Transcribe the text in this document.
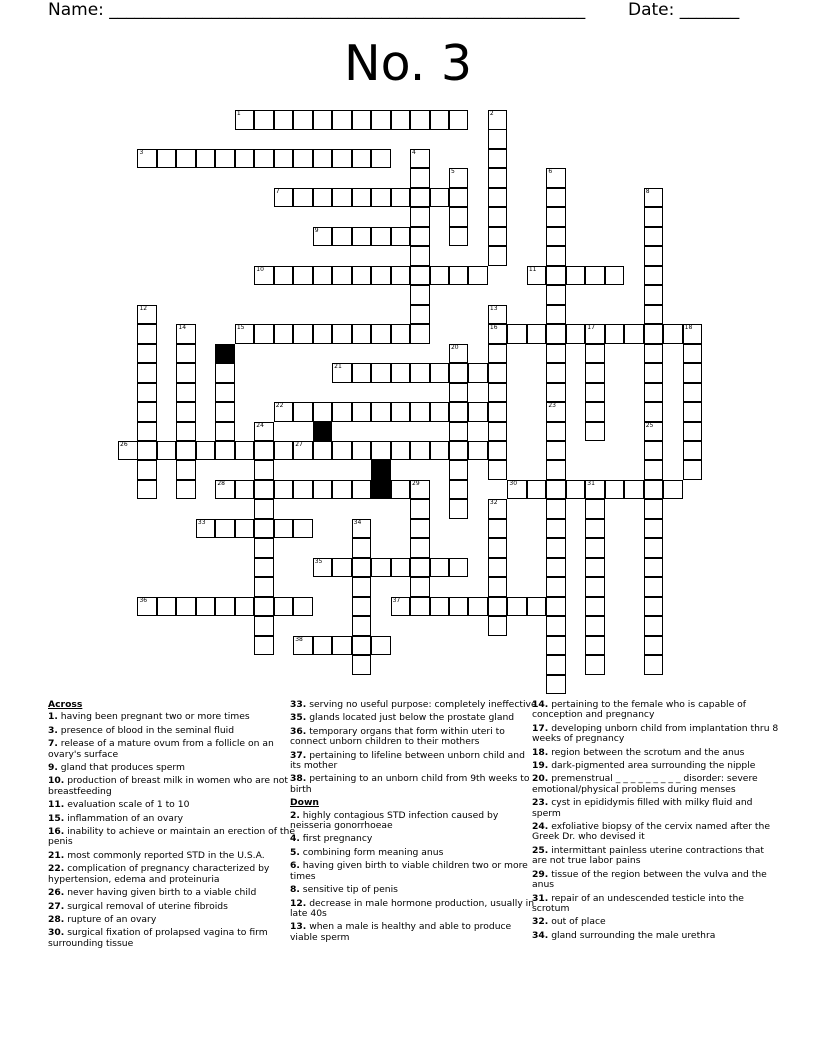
Name: ________________________________________________________	Date: _______
No. 3
1	2
3	4
5	6
23
7	8
9
10	11
12	13
16
14	15	17	18
20
21
22
24	25
26	27
28	29	30	31
32
33	34
35
36	37
38
Across
1. having been pregnant two or more times
3. presence of blood in the seminal fluid
7. release of a mature ovum from a follicle on an ovary's surface
9. gland that produces sperm
10. production of breast milk in women who are not breastfeeding
11. evaluation scale of 1 to 10
15. inflammation of an ovary
16. inability to achieve or maintain an erection of the penis
21. most commonly reported STD in the U.S.A.
22. complication of pregnancy characterized by hypertension, edema and proteinuria
26. never having given birth to a viable child
27. surgical removal of uterine fibroids
28. rupture of an ovary
30. surgical fixation of prolapsed vagina to firm surrounding tissue
33. serving no useful purpose: completely ineffective
35. glands located just below the prostate gland
36. temporary organs that form within uteri to connect unborn children to their mothers
37. pertaining to lifeline between unborn child and its mother
38. pertaining to an unborn child from 9th weeks to birth
Down
2. highly contagious STD infection caused by neisseria gonorrhoeae
4. first pregnancy
5. combining form meaning anus
6. having given birth to viable children two or more times
8. sensitive tip of penis
12. decrease in male hormone production, usually in late 40s
13. when a male is healthy and able to produce viable sperm
14. pertaining to the female who is capable of conception and pregnancy
17. developing unborn child from implantation thru 8 weeks of pregnancy
18. region between the scrotum and the anus
19. dark-pigmented area surrounding the nipple
20. premenstrual _ _ _ _ _ _ _ _ _ disorder: severe emotional/physical problems during menses
23. cyst in epididymis filled with milky fluid and sperm
24. exfoliative biopsy of the cervix named after the Greek Dr. who devised it
25. intermittant painless uterine contractions that are not true labor pains
29. tissue of the region between the vulva and the anus
31. repair of an undescended testicle into the scrotum
32. out of place
34. gland surrounding the male urethra
